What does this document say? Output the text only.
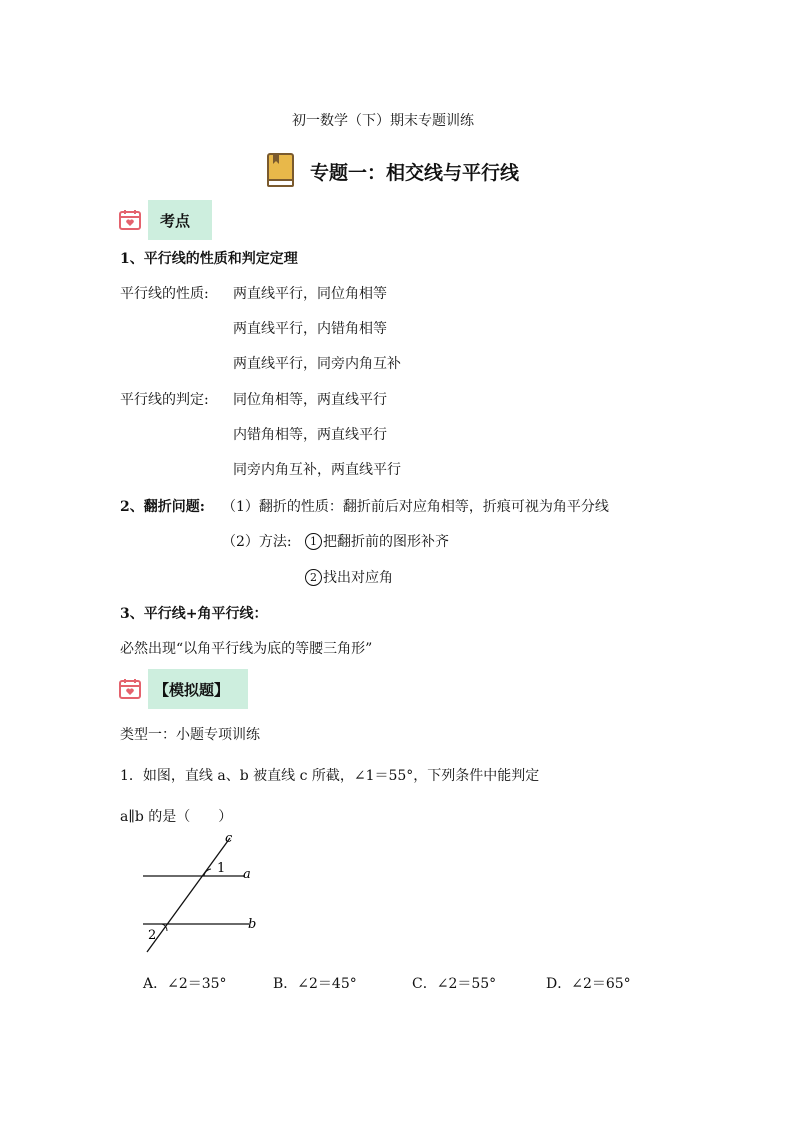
初一数学（下）期末专题训练
专题一：相交线与平行线
考点
1、平行线的性质和判定定理
平行线的性质: 两直线平行，同位角相等
两直线平行，内错角相等
两直线平行，同旁内角互补
平行线的判定: 同位角相等，两直线平行
内错角相等，两直线平行
同旁内角互补，两直线平行
2、翻折问题: （1）翻折的性质：翻折前后对应角相等，折痕可视为角平分线
（2）方法:	1 把翻折前的图形补齐
2 找出对应角
3、平行线+角平行线：
必然出现“以角平行线为底的等腰三角形”
【模拟题】
类型一：小题专项训练
1．如图，直线 a、b 被直线 c 所截，∠1＝55°，下列条件中能判定
a∥b 的是（　　）
c
1 a
b
2
A．∠2＝35°	B．∠2＝45°	C．∠2＝55°	D．∠2＝65°
